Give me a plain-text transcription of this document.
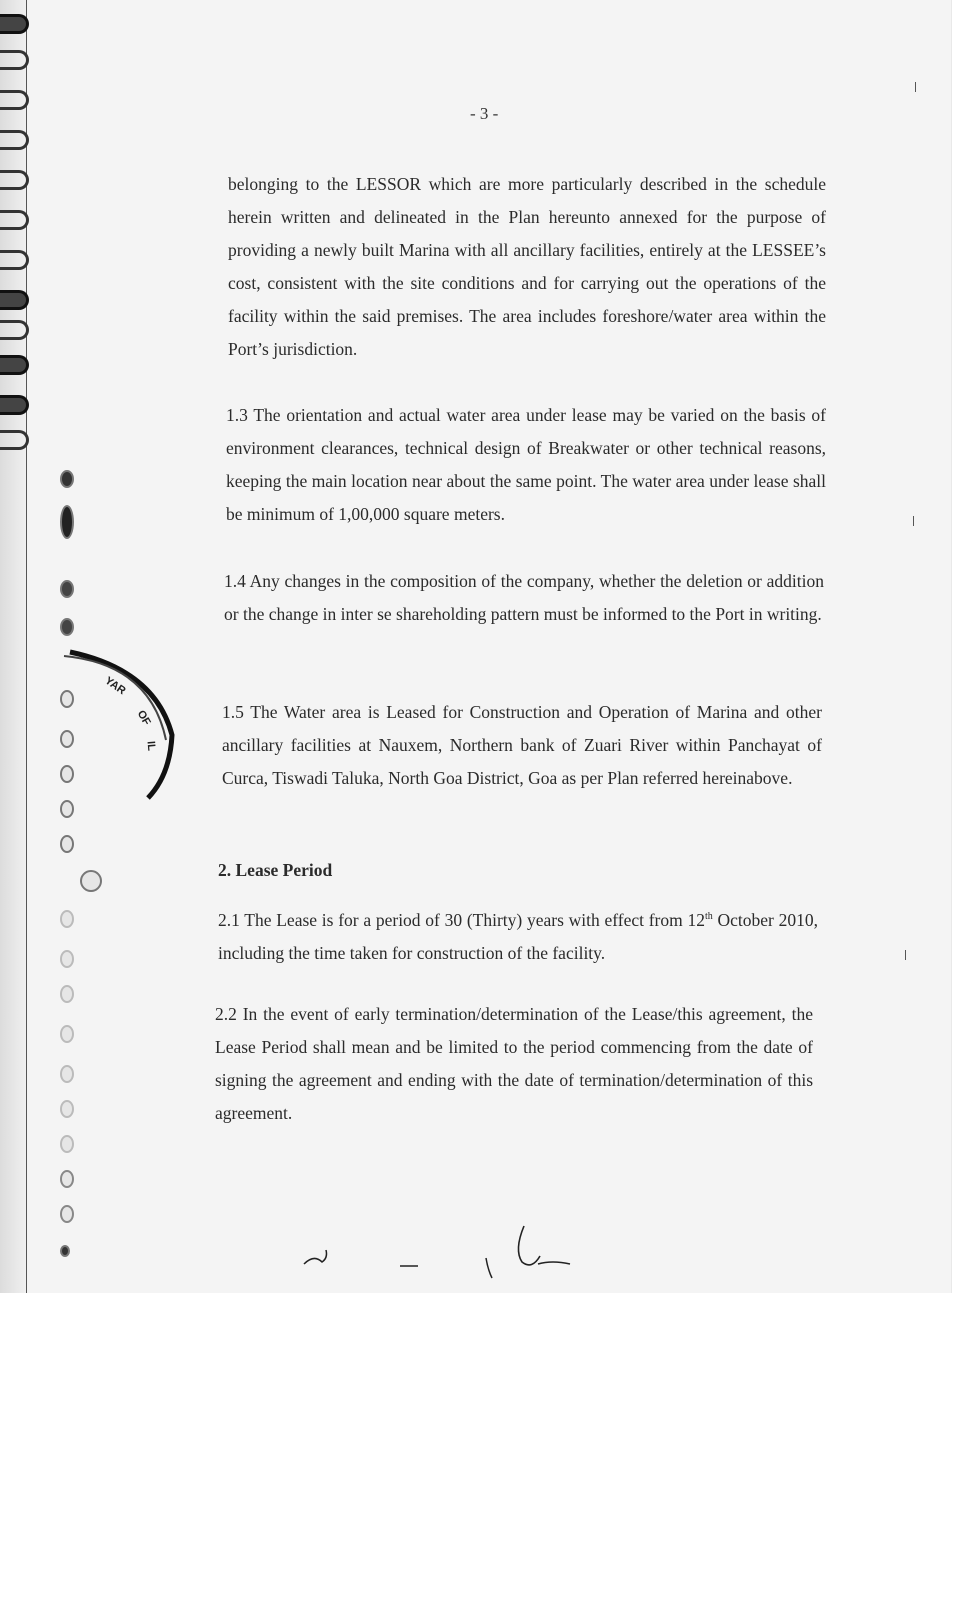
- 3 -

belonging to the LESSOR which are more particularly described in the schedule herein written and delineated in the Plan hereunto annexed for the purpose of providing a newly built Marina with all ancillary facilities, entirely at the LESSEE’s cost, consistent with the site conditions and for carrying out the operations of the facility within the said premises. The area includes foreshore/water area within the Port’s jurisdiction.

1.3 The orientation and actual water area under lease may be varied on the basis of environment clearances, technical design of Breakwater or other technical reasons, keeping the main location near about the same point. The water area under lease shall be minimum of 1,00,000 square meters.

1.4 Any changes in the composition of the company, whether the deletion or addition or the change in inter se shareholding pattern must be informed to the Port in writing.

1.5 The Water area is Leased for Construction and Operation of Marina and other ancillary facilities at Nauxem, Northern bank of Zuari River within Panchayat of Curca, Tiswadi Taluka, North Goa District, Goa as per Plan referred hereinabove.

2. Lease Period

2.1 The Lease is for a period of 30 (Thirty) years with effect from 12th October 2010, including the time taken for construction of the facility.

2.2 In the event of early termination/determination of the Lease/this agreement, the Lease Period shall mean and be limited to the period commencing from the date of signing the agreement and ending with the date of termination/determination of this agreement.

YAR
OF
IL
